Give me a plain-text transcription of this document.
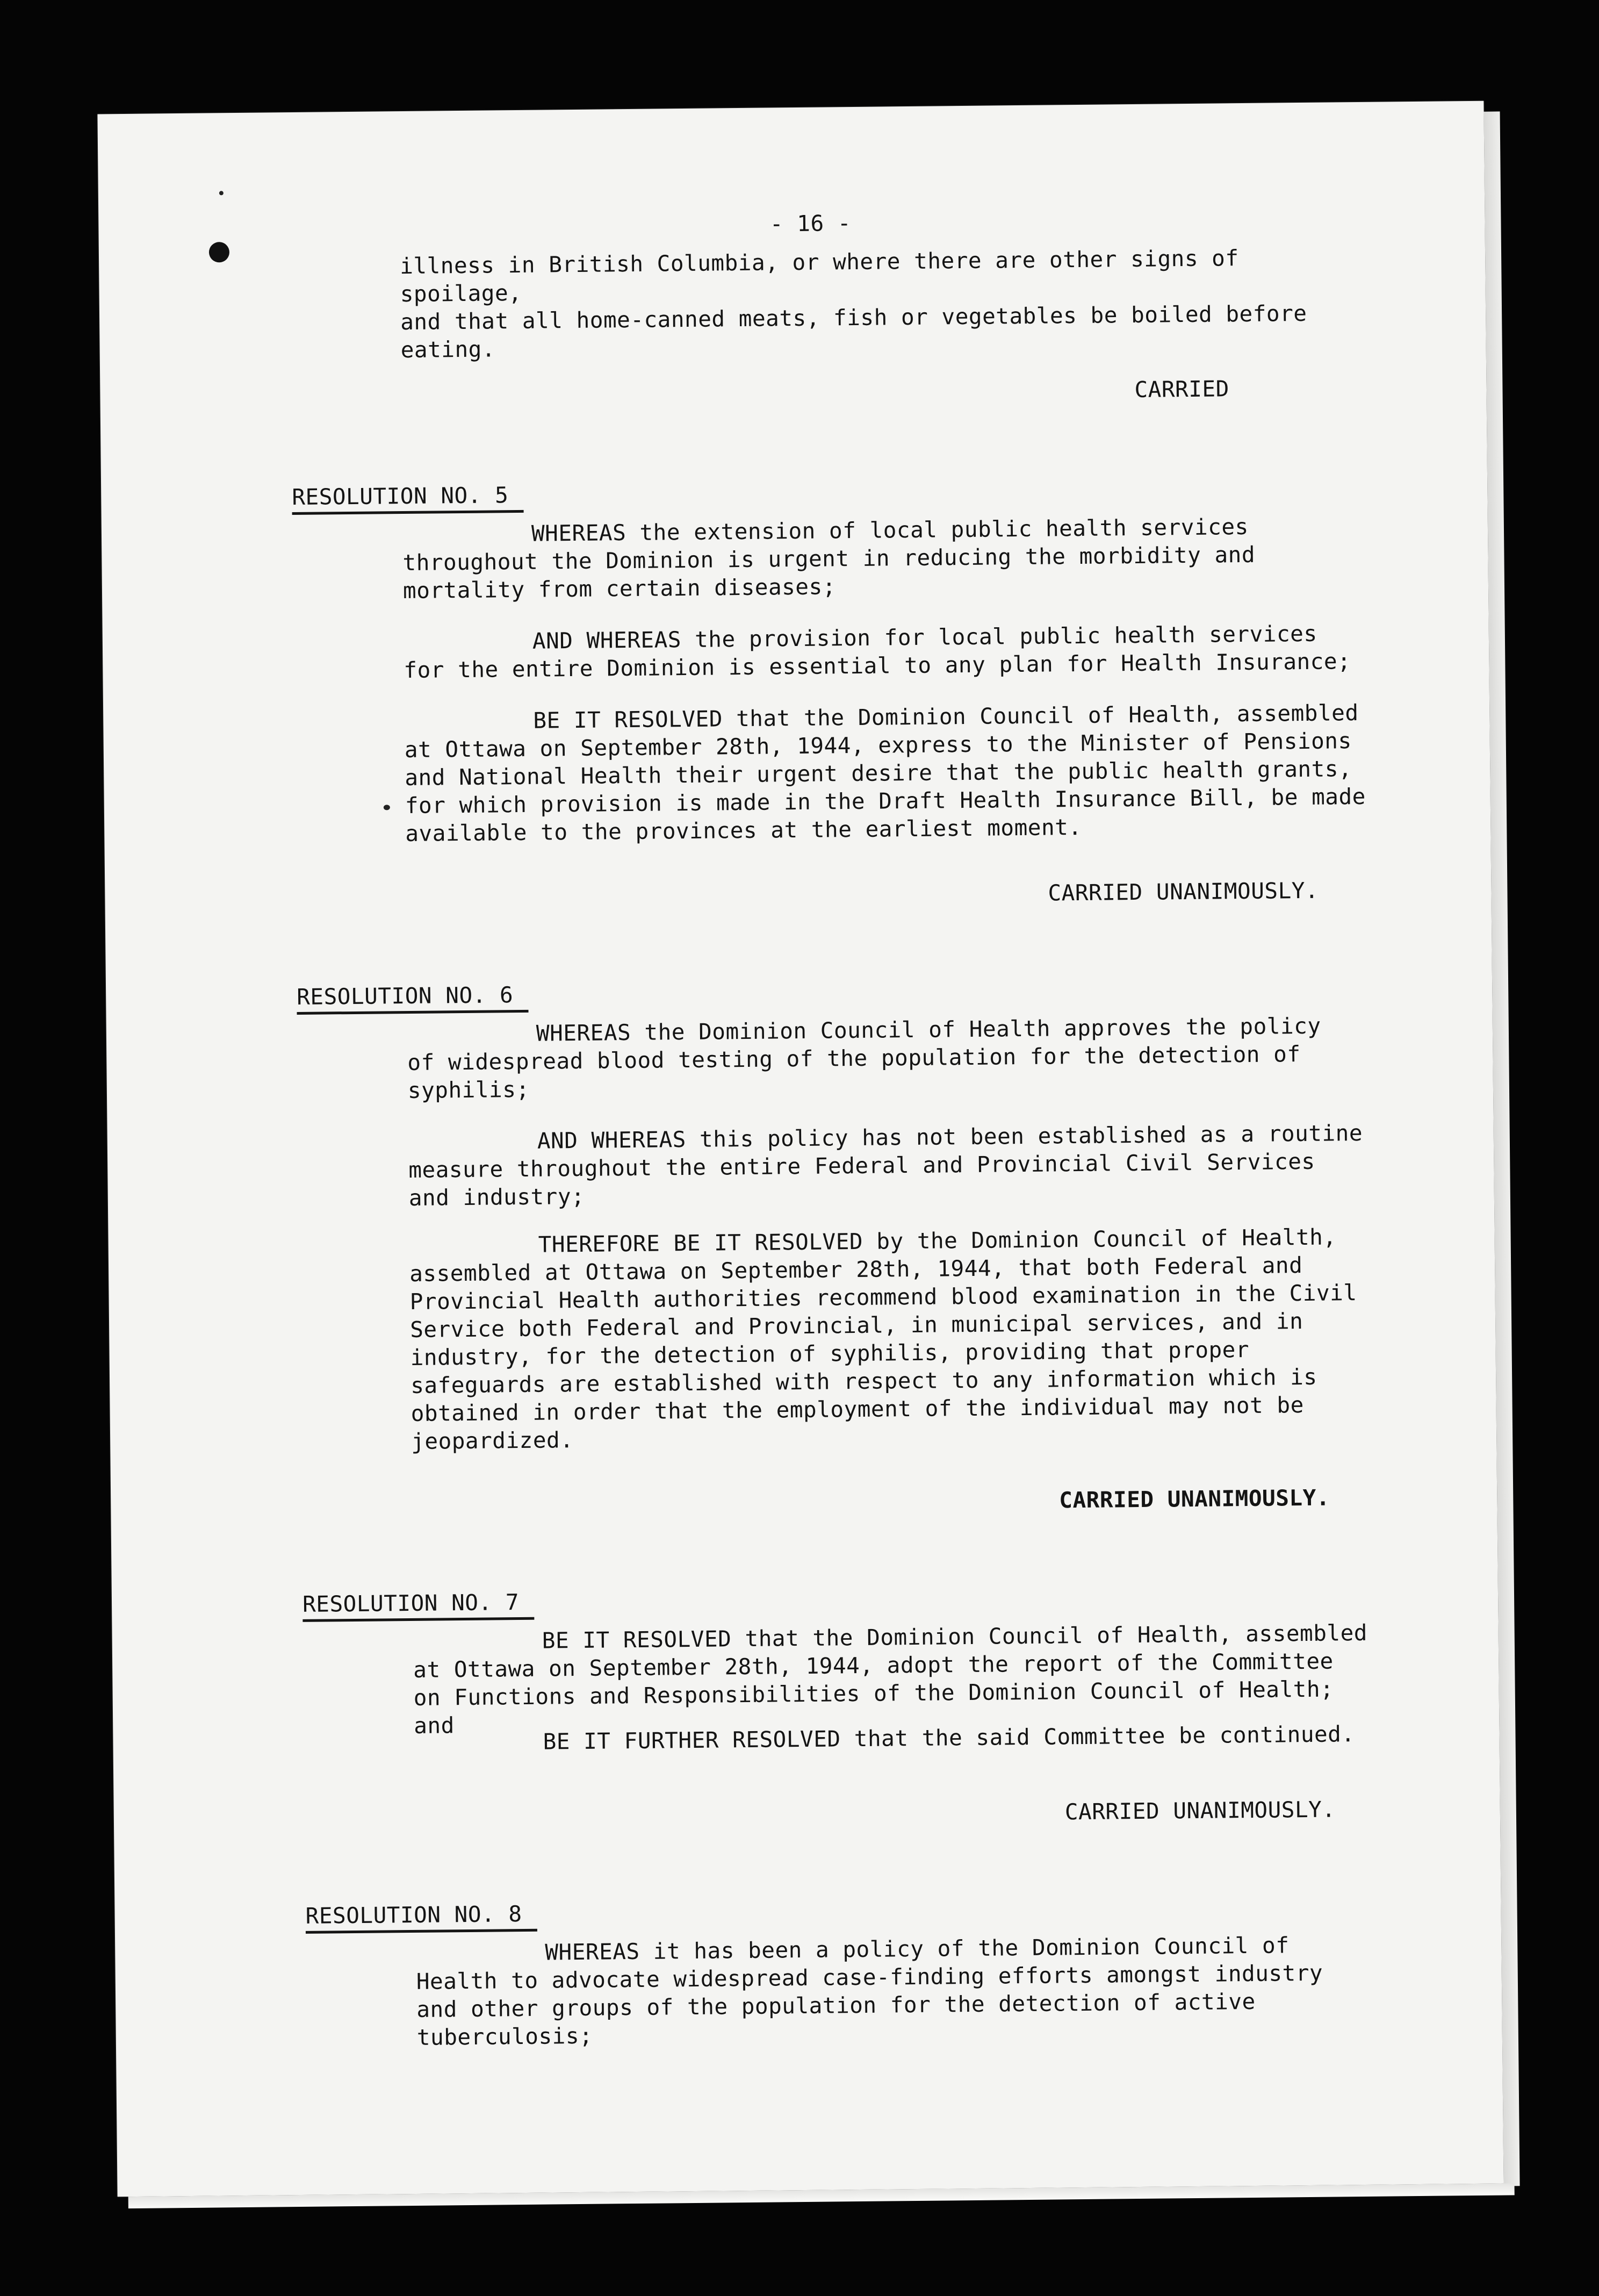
- 16 -

illness in British Columbia, or where there are other signs of spoilage,
and that all home-canned meats, fish or vegetables be boiled before
eating.

CARRIED
RESOLUTION NO. 5

WHEREAS the extension of local public health services
throughout the Dominion is urgent in reducing the morbidity and
mortality from certain diseases;

AND WHEREAS the provision for local public health services
for the entire Dominion is essential to any plan for Health Insurance;

BE IT RESOLVED that the Dominion Council of Health, assembled
at Ottawa on September 28th, 1944, express to the Minister of Pensions
and National Health their urgent desire that the public health grants,
for which provision is made in the Draft Health Insurance Bill, be made
available to the provinces at the earliest moment.

CARRIED UNANIMOUSLY.
RESOLUTION NO. 6

WHEREAS the Dominion Council of Health approves the policy
of widespread blood testing of the population for the detection of
syphilis;

AND WHEREAS this policy has not been established as a routine
measure throughout the entire Federal and Provincial Civil Services
and industry;

THEREFORE BE IT RESOLVED by the Dominion Council of Health,
assembled at Ottawa on September 28th, 1944, that both Federal and
Provincial Health authorities recommend blood examination in the Civil
Service both Federal and Provincial, in municipal services, and in
industry, for the detection of syphilis, providing that proper
safeguards are established with respect to any information which is
obtained in order that the employment of the individual may not be
jeopardized.

CARRIED UNANIMOUSLY.
RESOLUTION NO. 7

BE IT RESOLVED that the Dominion Council of Health, assembled
at Ottawa on September 28th, 1944, adopt the report of the Committee
on Functions and Responsibilities of the Dominion Council of Health; and	BE IT FURTHER RESOLVED that the said Committee be continued.

CARRIED UNANIMOUSLY.
RESOLUTION NO. 8

WHEREAS it has been a policy of the Dominion Council of
Health to advocate widespread case-finding efforts amongst industry
and other groups of the population for the detection of active
tuberculosis;
